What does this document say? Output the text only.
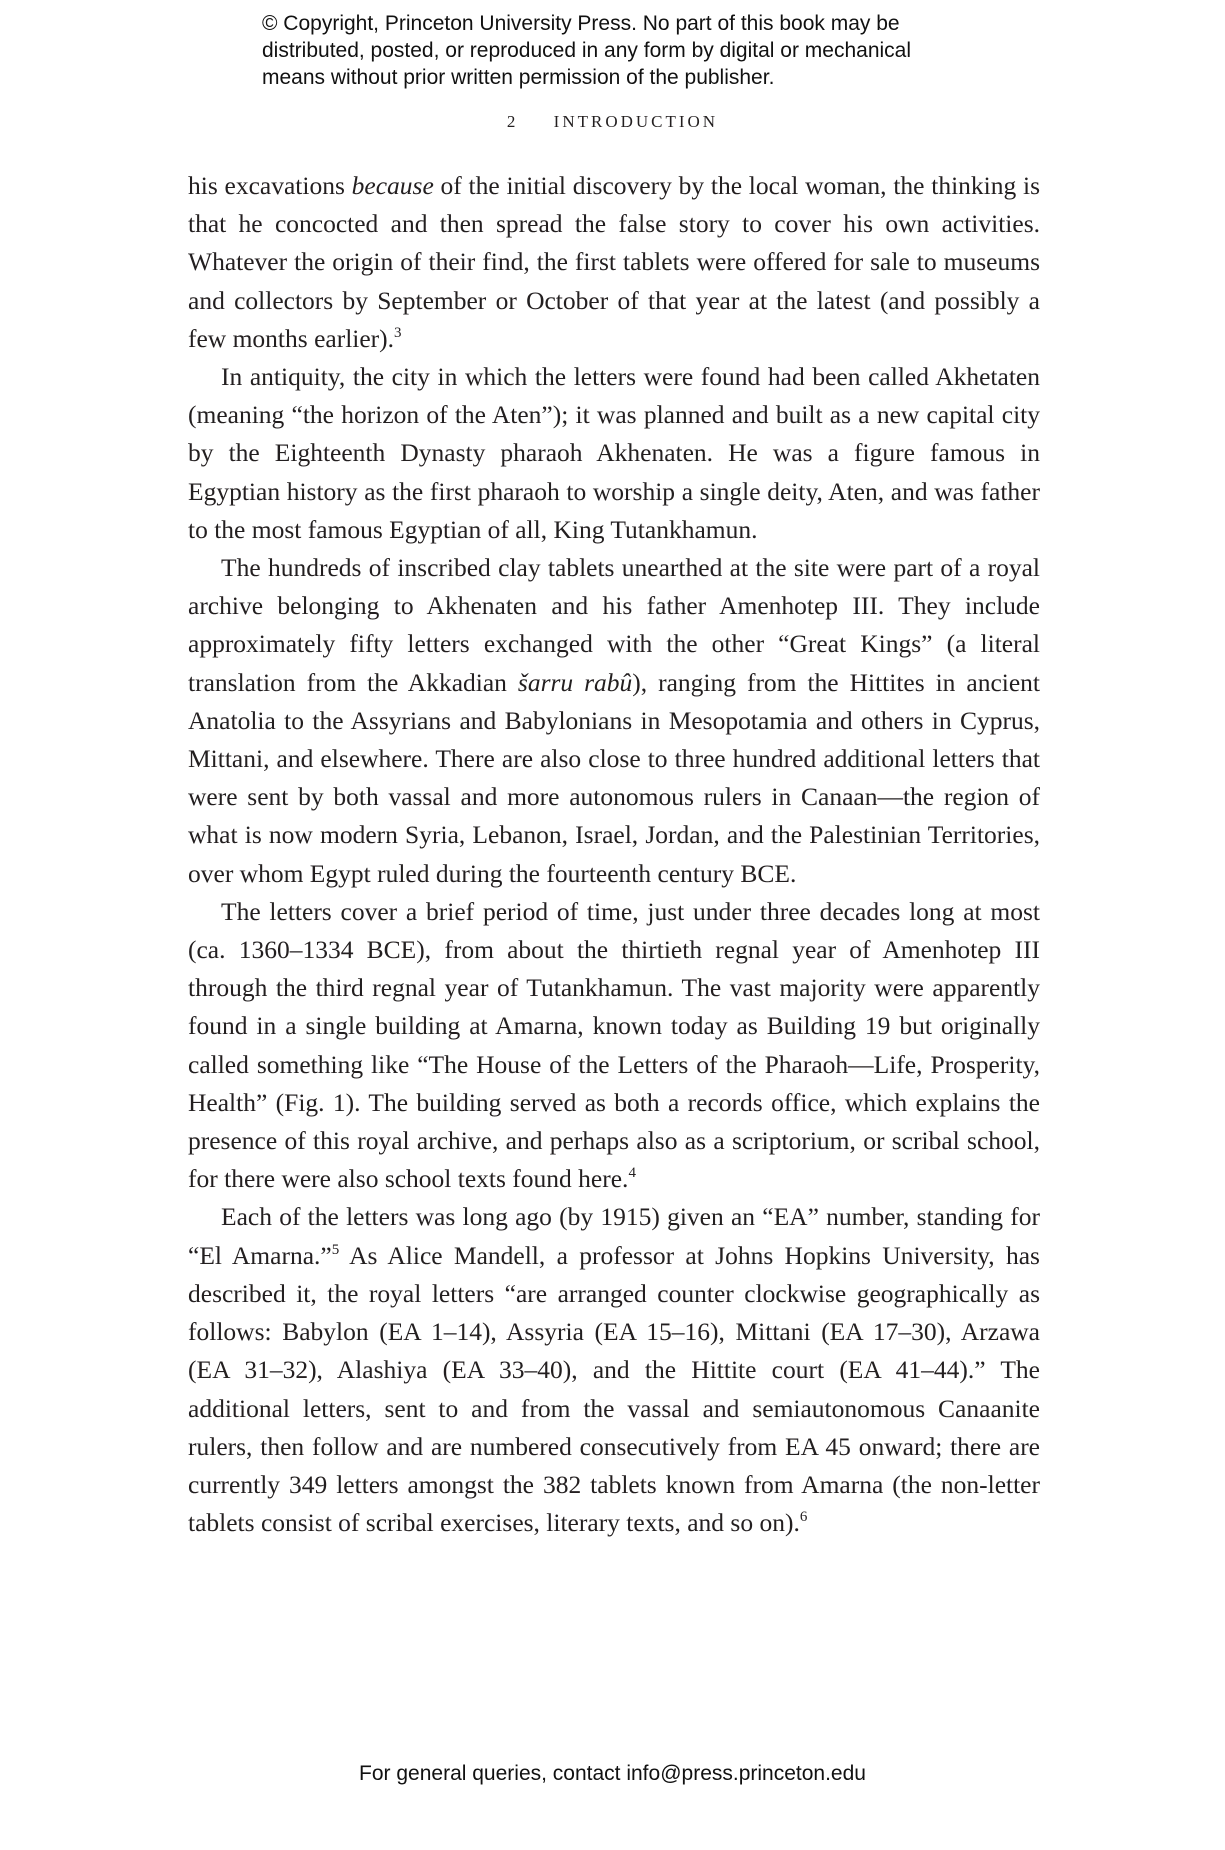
© Copyright, Princeton University Press. No part of this book may be
distributed, posted, or reproduced in any form by digital or mechanical
means without prior written permission of the publisher.
2 INTRODUCTION

his excavations because of the initial discovery by the local woman, the thinking is that he concocted and then spread the false story to cover his own activities. Whatever the origin of their find, the first tablets were offered for sale to museums and collectors by September or October of that year at the latest (and possibly a few months earlier).$^3$

In antiquity, the city in which the letters were found had been called Akhetaten (meaning “the horizon of the Aten”); it was planned and built as a new capital city by the Eighteenth Dynasty pharaoh Akhenaten. He was a figure famous in Egyptian history as the first pharaoh to worship a single deity, Aten, and was father to the most famous Egyptian of all, King Tutankhamun.

The hundreds of inscribed clay tablets unearthed at the site were part of a royal archive belonging to Akhenaten and his father Amenhotep III. They include approximately fifty letters exchanged with the other “Great Kings” (a literal translation from the Akkadian šarru rabû), ranging from the Hittites in ancient Anatolia to the Assyrians and Babylonians in Mesopotamia and others in Cyprus, Mittani, and elsewhere. There are also close to three hundred additional letters that were sent by both vassal and more autonomous rulers in Canaan—the region of what is now modern Syria, Lebanon, Israel, Jordan, and the Palestinian Territories, over whom Egypt ruled during the fourteenth century BCE.

The letters cover a brief period of time, just under three decades long at most (ca. 1360–1334 BCE), from about the thirtieth regnal year of Amenhotep III through the third regnal year of Tutankhamun. The vast majority were apparently found in a single building at Amarna, known today as Building 19 but originally called something like “The House of the Letters of the Pharaoh—Life, Prosperity, Health” (Fig. 1). The building served as both a records office, which explains the presence of this royal archive, and perhaps also as a scriptorium, or scribal school, for there were also school texts found here.$^4$

Each of the letters was long ago (by 1915) given an “EA” number, standing for “El Amarna.”$^5$ As Alice Mandell, a professor at Johns Hopkins University, has described it, the royal letters “are arranged counter clockwise geographically as follows: Babylon (EA 1–14), Assyria (EA 15–16), Mittani (EA 17–30), Arzawa (EA 31–32), Alashiya (EA 33–40), and the Hittite court (EA 41–44).” The additional letters, sent to and from the vassal and semiautonomous Canaanite rulers, then follow and are numbered consecutively from EA 45 onward; there are currently 349 letters amongst the 382 tablets known from Amarna (the non-letter tablets consist of scribal exercises, literary texts, and so on).$^6$

For general queries, contact info@press.princeton.edu
